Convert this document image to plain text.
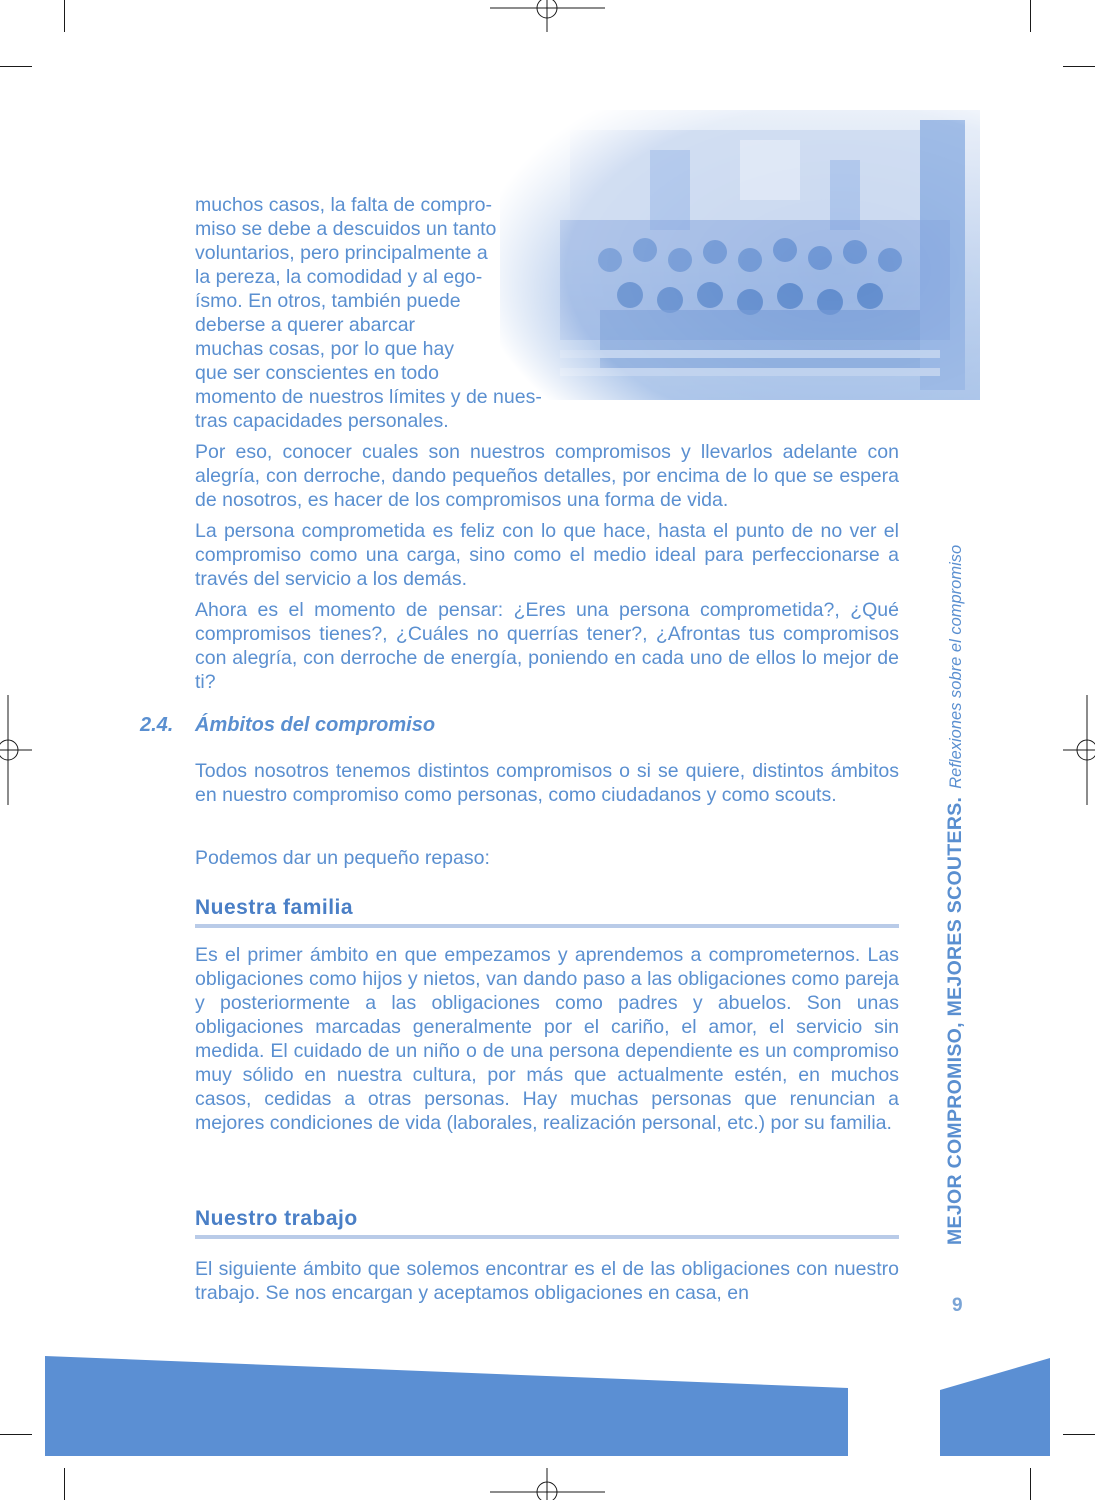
muchos casos, la falta de compro-
miso se debe a descuidos un tanto
voluntarios, pero principalmente a
la pereza, la comodidad y al ego-
ísmo. En otros, también puede
deberse a querer abarcar
muchas cosas, por lo que hay
que ser conscientes en todo
momento de nuestros límites y de nues-
tras capacidades personales.

Por eso, conocer cuales son nuestros compromisos y llevarlos adelante con alegría, con derroche, dando pequeños detalles, por encima de lo que se espera de nosotros, es hacer de los compromisos una forma de vida.

La persona comprometida es feliz con lo que hace, hasta el punto de no ver el compromiso como una carga, sino como el medio ideal para perfeccionarse a través del servicio a los demás.

Ahora es el momento de pensar: ¿Eres una persona comprometida?, ¿Qué compromisos tienes?, ¿Cuáles no querrías tener?, ¿Afrontas tus compromisos con alegría, con derroche de energía, poniendo en cada uno de ellos lo mejor de ti?

2.4. Ámbitos del compromiso

Todos nosotros tenemos distintos compromisos o si se quiere, distintos ámbitos en nuestro compromiso como personas, como ciudadanos y como scouts.

Podemos dar un pequeño repaso:

Nuestra familia

Es el primer ámbito en que empezamos y aprendemos a comprometernos. Las obligaciones como hijos y nietos, van dando paso a las obligaciones como pareja y posteriormente a las obligaciones como padres y abuelos. Son unas obligaciones marcadas generalmente por el cariño, el amor, el servicio sin medida. El cuidado de un niño o de una persona dependiente es un compromiso muy sólido en nuestra cultura, por más que actualmente estén, en muchos casos, cedidas a otras personas. Hay muchas personas que renuncian a mejores condiciones de vida (laborales, realización personal, etc.) por su familia.

Nuestro trabajo

El siguiente ámbito que solemos encontrar es el de las obligaciones con nuestro trabajo. Se nos encargan y aceptamos obligaciones en casa, en

MEJOR COMPROMISO, MEJORES SCOUTERS.Reflexiones sobre el compromiso
9
